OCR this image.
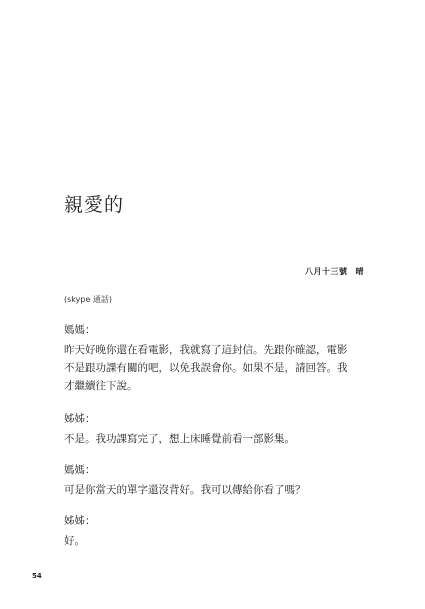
親愛的
八月十三號 晴
(skype 通話)
媽媽：
昨天好晚你還在看電影，我就寫了這封信。先跟你確認，電影
不是跟功課有關的吧，以免我誤會你。如果不是，請回答。我
才繼續往下說。
姊姊：
不是。我功課寫完了，想上床睡覺前看一部影集。
媽媽：
可是你當天的單字還沒背好。我可以傳給你看了嗎？
姊姊：
好。
54
